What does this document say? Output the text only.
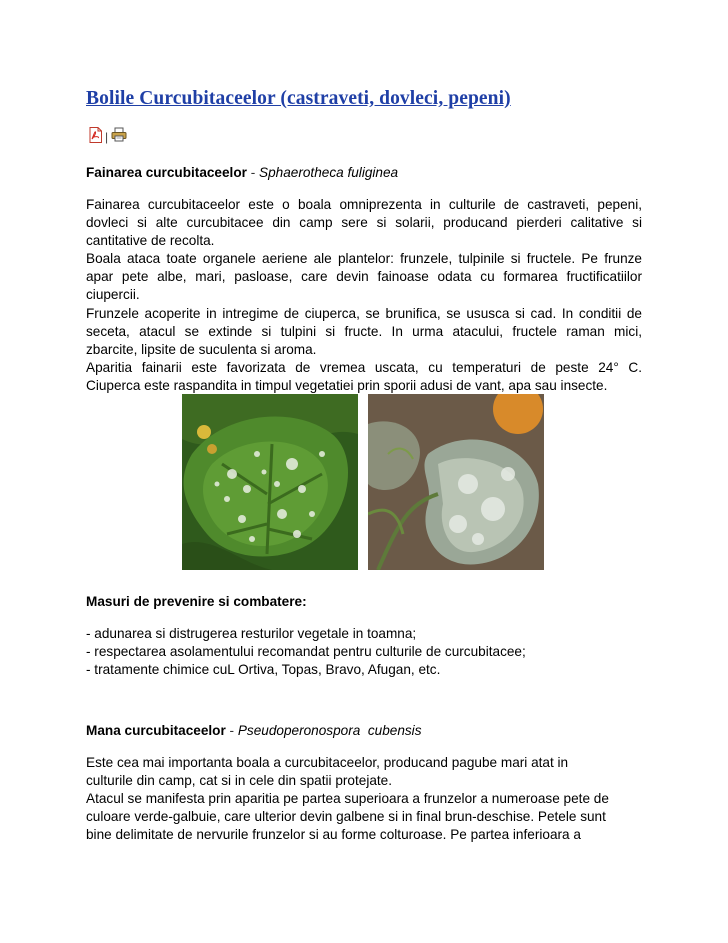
Bolile Curcubitaceelor (castraveti, dovleci, pepeni)
|
Fainarea curcubitaceelor - Sphaerotheca fuliginea
Fainarea curcubitaceelor este o boala omniprezenta in culturile de castraveti, pepeni,
dovleci si alte curcubitacee din camp sere si solarii, producand pierderi calitative si
cantitative de recolta.
Boala ataca toate organele aeriene ale plantelor: frunzele, tulpinile si fructele. Pe frunze
apar pete albe, mari, pasloase, care devin fainoase odata cu formarea fructificatiilor
ciupercii.
Frunzele acoperite in intregime de ciuperca, se brunifica, se ususca si cad. In conditii de
seceta, atacul se extinde si tulpini si fructe. In urma atacului, fructele raman mici,
zbarcite, lipsite de suculenta si aroma.
Aparitia fainarii este favorizata de vremea uscata, cu temperaturi de peste 24° C.
Ciuperca este raspandita in timpul vegetatiei prin sporii adusi de vant, apa sau insecte.
Masuri de prevenire si combatere:
- adunarea si distrugerea resturilor vegetale in toamna;
- respectarea asolamentului recomandat pentru culturile de curcubitacee;
- tratamente chimice cuL Ortiva, Topas, Bravo, Afugan, etc.
Mana curcubitaceelor - Pseudoperonospora  cubensis
Este cea mai importanta boala a curcubitaceelor, producand pagube mari atat in
culturile din camp, cat si in cele din spatii protejate.
Atacul se manifesta prin aparitia pe partea superioara a frunzelor a numeroase pete de
culoare verde-galbuie, care ulterior devin galbene si in final brun-deschise. Petele sunt
bine delimitate de nervurile frunzelor si au forme colturoase. Pe partea inferioara a
